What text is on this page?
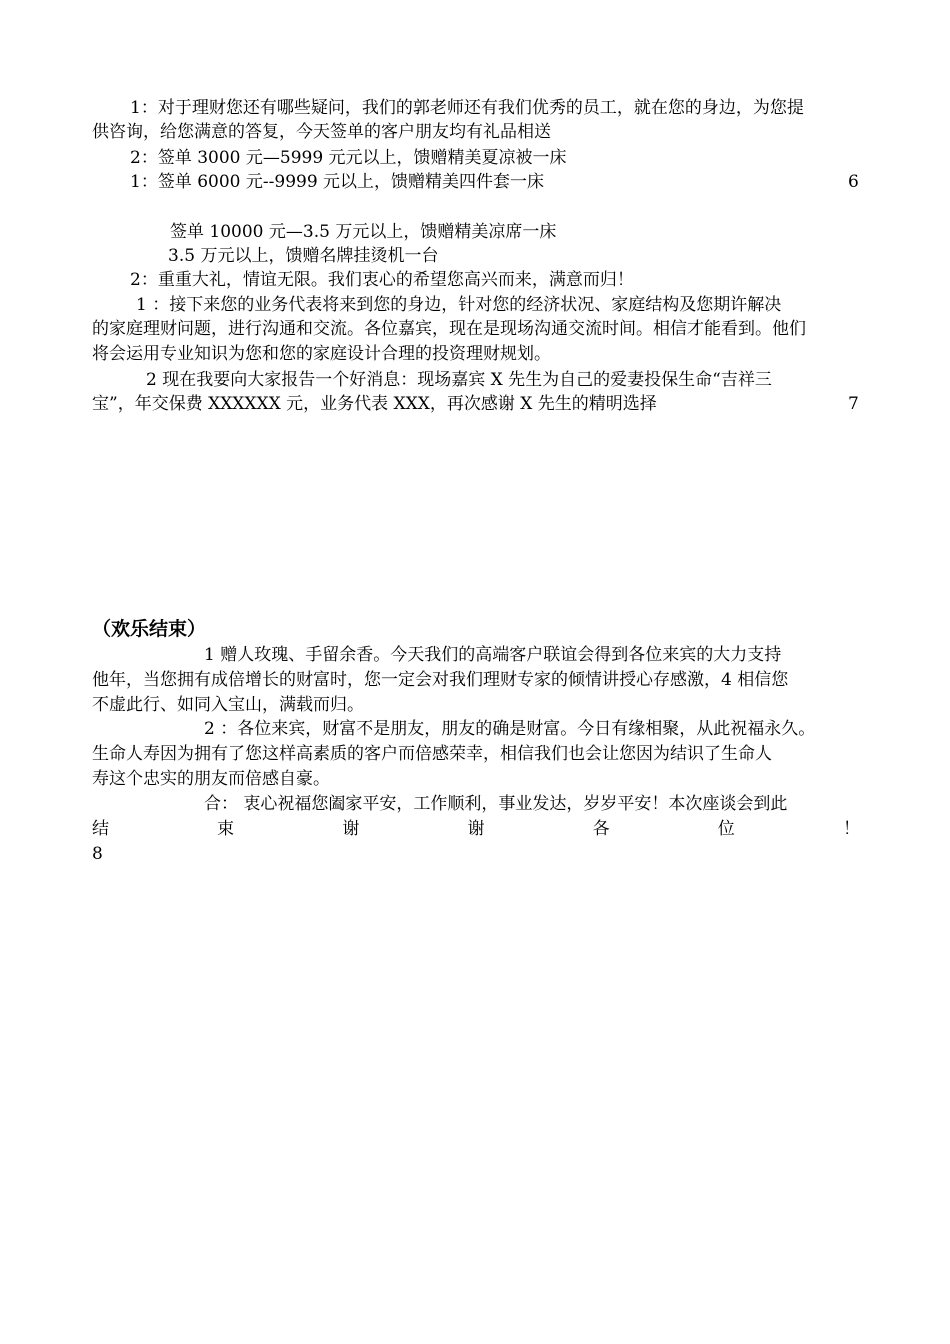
1：对于理财您还有哪些疑问，我们的郭老师还有我们优秀的员工，就在您的身边，为您提
供咨询，给您满意的答复，今天签单的客户朋友均有礼品相送
2：签单 3000 元—5999 元元以上，馈赠精美夏凉被一床
1：签单 6000 元--9999 元以上，馈赠精美四件套一床	6
签单 10000 元—3.5 万元以上，馈赠精美凉席一床
3.5 万元以上，馈赠名牌挂烫机一台
2：重重大礼，情谊无限。我们衷心的希望您高兴而来，满意而归！
1 ：接下来您的业务代表将来到您的身边，针对您的经济状况、家庭结构及您期许解决
的家庭理财问题，进行沟通和交流。各位嘉宾，现在是现场沟通交流时间。相信才能看到。他们
将会运用专业知识为您和您的家庭设计合理的投资理财规划。
2 现在我要向大家报告一个好消息：现场嘉宾 X 先生为自己的爱妻投保生命“吉祥三
宝”，年交保费 XXXXXX 元，业务代表 XXX，再次感谢 X 先生的精明选择	7
（欢乐结束）
1 赠人玫瑰、手留余香。今天我们的高端客户联谊会得到各位来宾的大力支持
他年，当您拥有成倍增长的财富时，您一定会对我们理财专家的倾情讲授心存感激，4 相信您
不虚此行、如同入宝山，满载而归。
2 ：各位来宾，财富不是朋友，朋友的确是财富。今日有缘相聚，从此祝福永久。
生命人寿因为拥有了您这样高素质的客户而倍感荣幸，相信我们也会让您因为结识了生命人
寿这个忠实的朋友而倍感自豪。
合： 衷心祝福您阖家平安，工作顺利，事业发达，岁岁平安！本次座谈会到此
结	束	谢	谢	各	位	！
8
